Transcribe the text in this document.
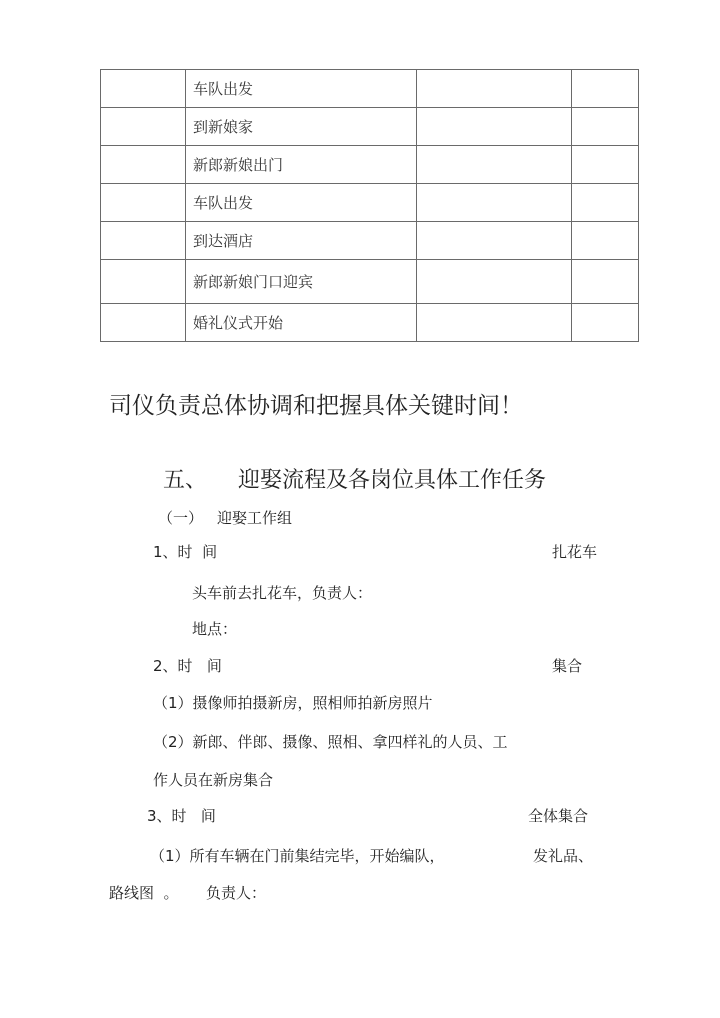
	车队出发		
	到新娘家		
	新郎新娘出门		
	车队出发		
	到达酒店		
	新郎新娘门口迎宾		
	婚礼仪式开始		
司仪负责总体协调和把握具体关键时间！
五、 迎娶流程及各岗位具体工作任务
（一） 迎娶工作组
1、时  间	扎花车
头车前去扎花车，负责人：
地点：
2、时   间	集合
（1）摄像师拍摄新房，照相师拍新房照片
（2）新郎、伴郎、摄像、照相、拿四样礼的人员、工
作人员在新房集合
3、时   间	全体集合
（1）所有车辆在门前集结完毕，开始编队，	发礼品、
路线图  。 负责人：
